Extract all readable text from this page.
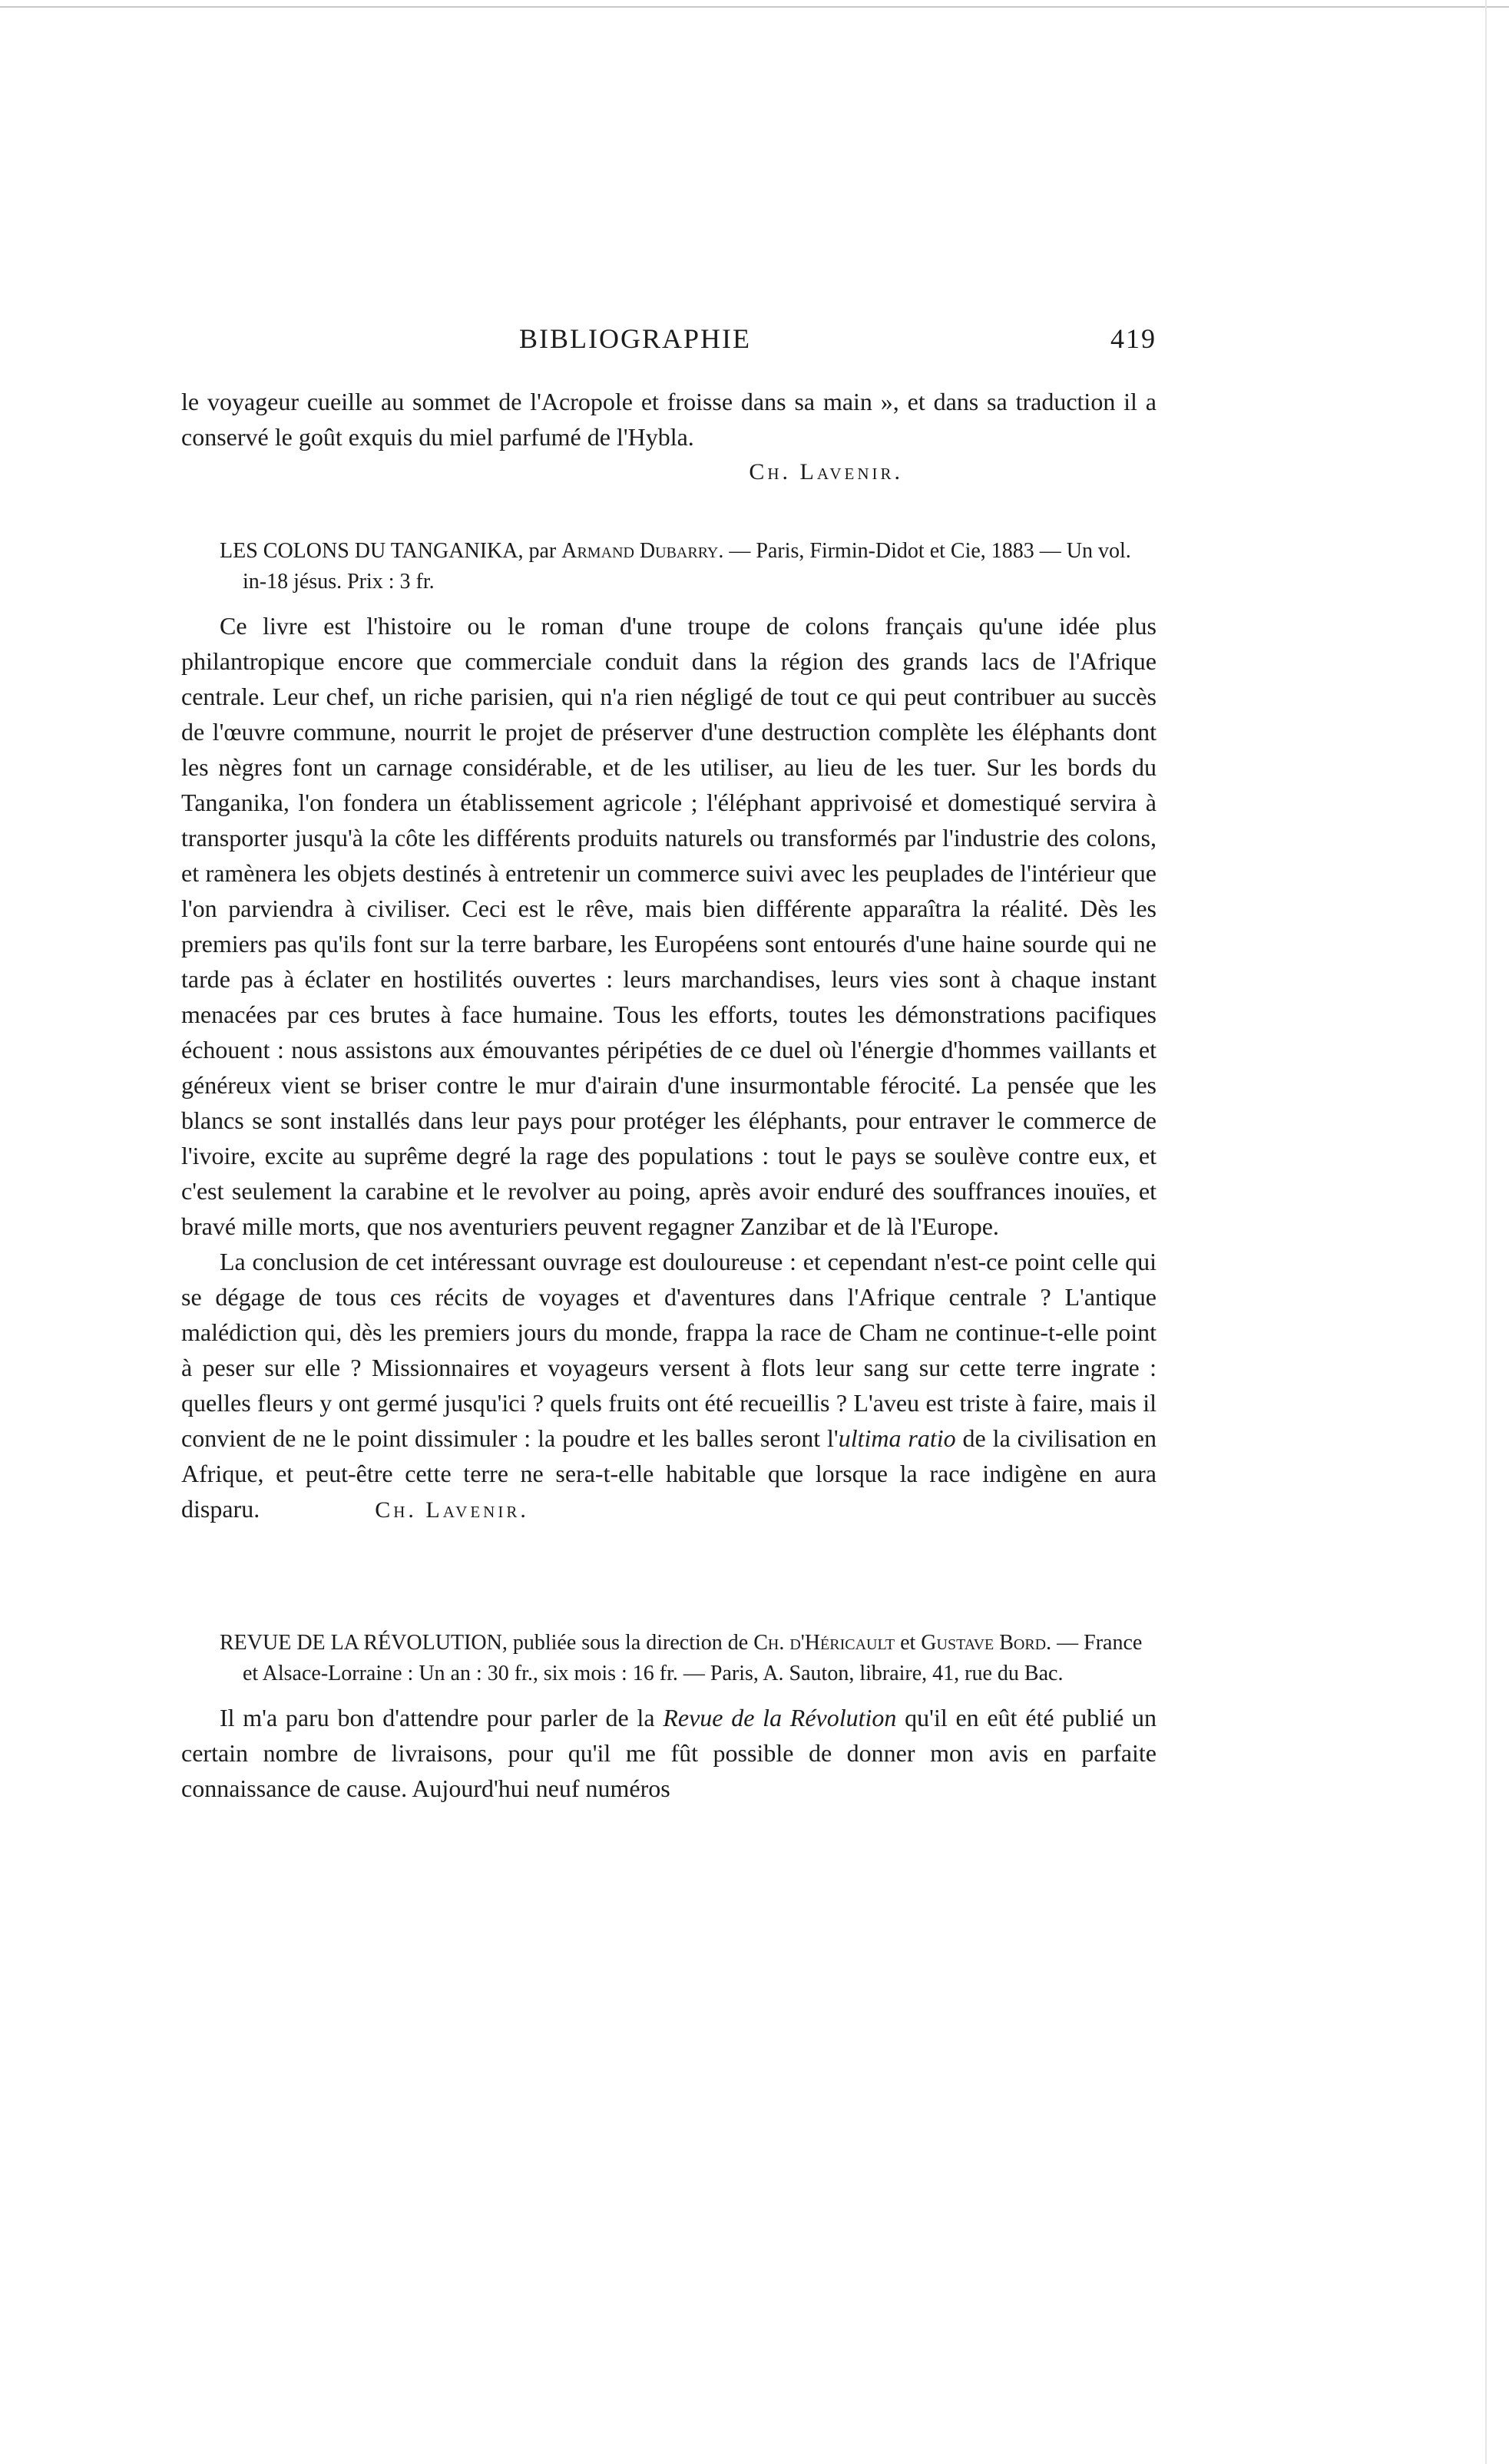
BIBLIOGRAPHIE	419

le voyageur cueille au sommet de l'Acropole et froisse dans sa main », et dans sa traduction il a conservé le goût exquis du miel parfumé de l'Hybla.

Ch. Lavenir.

LES COLONS DU TANGANIKA, par Armand Dubarry. — Paris, Firmin-Didot et Cie, 1883 — Un vol. in-18 jésus. Prix : 3 fr.

Ce livre est l'histoire ou le roman d'une troupe de colons français qu'une idée plus philantropique encore que commerciale conduit dans la région des grands lacs de l'Afrique centrale. Leur chef, un riche parisien, qui n'a rien négligé de tout ce qui peut contribuer au succès de l'œuvre commune, nourrit le projet de préserver d'une destruction complète les éléphants dont les nègres font un carnage considérable, et de les utiliser, au lieu de les tuer. Sur les bords du Tanganika, l'on fondera un établissement agricole ; l'éléphant apprivoisé et domestiqué servira à transporter jusqu'à la côte les différents produits naturels ou transformés par l'industrie des colons, et ramènera les objets destinés à entretenir un commerce suivi avec les peuplades de l'intérieur que l'on parviendra à civiliser. Ceci est le rêve, mais bien différente apparaîtra la réalité. Dès les premiers pas qu'ils font sur la terre barbare, les Européens sont entourés d'une haine sourde qui ne tarde pas à éclater en hostilités ouvertes : leurs marchandises, leurs vies sont à chaque instant menacées par ces brutes à face humaine. Tous les efforts, toutes les démonstrations pacifiques échouent : nous assistons aux émouvantes péripéties de ce duel où l'énergie d'hommes vaillants et généreux vient se briser contre le mur d'airain d'une insurmontable férocité. La pensée que les blancs se sont installés dans leur pays pour protéger les éléphants, pour entraver le commerce de l'ivoire, excite au suprême degré la rage des populations : tout le pays se soulève contre eux, et c'est seulement la carabine et le revolver au poing, après avoir enduré des souffrances inouïes, et bravé mille morts, que nos aventuriers peuvent regagner Zanzibar et de là l'Europe.

La conclusion de cet intéressant ouvrage est douloureuse : et cependant n'est-ce point celle qui se dégage de tous ces récits de voyages et d'aventures dans l'Afrique centrale ? L'antique malédiction qui, dès les premiers jours du monde, frappa la race de Cham ne continue-t-elle point à peser sur elle ? Missionnaires et voyageurs versent à flots leur sang sur cette terre ingrate : quelles fleurs y ont germé jusqu'ici ? quels fruits ont été recueillis ? L'aveu est triste à faire, mais il convient de ne le point dissimuler : la poudre et les balles seront l'ultima ratio de la civilisation en Afrique, et peut-être cette terre ne sera-t-elle habitable que lorsque la race indigène en aura disparu.	Ch. Lavenir.

REVUE DE LA RÉVOLUTION, publiée sous la direction de Ch. d'Héricault et Gustave Bord. — France et Alsace-Lorraine : Un an : 30 fr., six mois : 16 fr. — Paris, A. Sauton, libraire, 41, rue du Bac.

Il m'a paru bon d'attendre pour parler de la Revue de la Révolution qu'il en eût été publié un certain nombre de livraisons, pour qu'il me fût possible de donner mon avis en parfaite connaissance de cause. Aujourd'hui neuf numéros
